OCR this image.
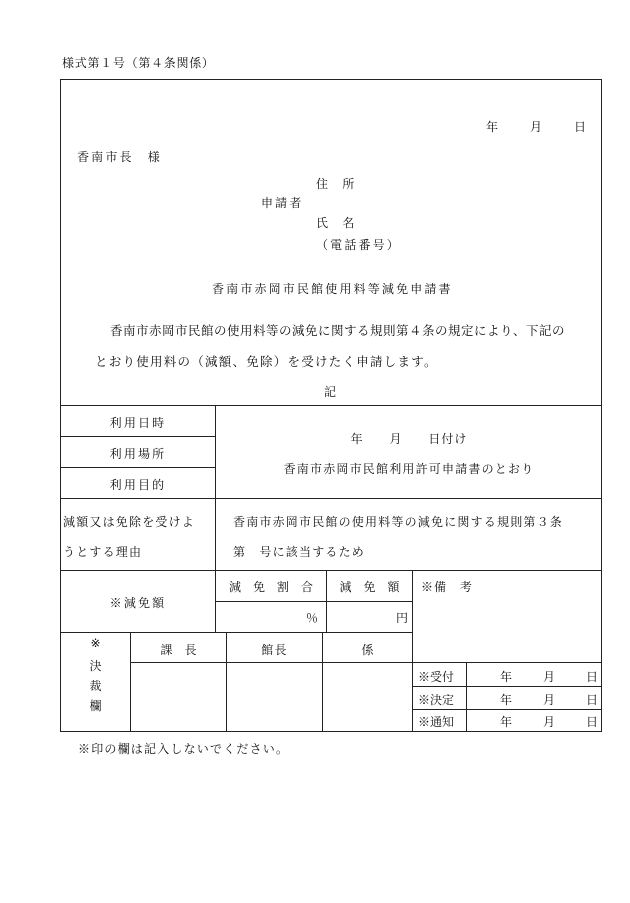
様式第１号（第４条関係）
年	月	日
香南市長　様
住　所
申請者
氏　名
（電話番号）
香南市赤岡市民館使用料等減免申請書
香南市赤岡市民館の使用料等の減免に関する規則第４条の規定により、下記の
とおり使用料の（減額、免除）を受けたく申請します。
記
利用日時
利用場所
利用目的
年　　月　　日付け
香南市赤岡市民館利用許可申請書のとおり
減額又は免除を受けよ
うとする理由
香南市赤岡市民館の使用料等の減免に関する規則第３条
第　号に該当するため
※減免額
減　免　割　合	減　免　額	※備　考
％	円
※
決
裁
欄
課　長	館長	係
※受付	年	月	日
※決定	年	月	日
※通知	年	月	日
※印の欄は記入しないでください。
